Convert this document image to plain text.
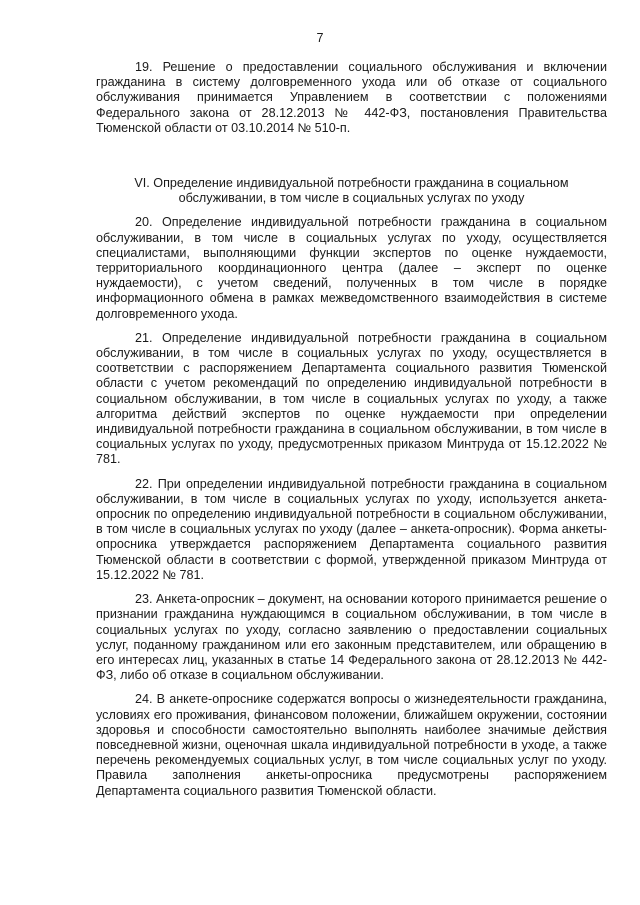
7

19. Решение о предоставлении социального обслуживания и включении гражданина в систему долговременного ухода или об отказе от социального обслуживания принимается Управлением в соответствии с положениями Федерального закона от 28.12.2013 № 442-ФЗ, постановления Правительства Тюменской области от 03.10.2014 № 510-п.

VI. Определение индивидуальной потребности гражданина в социальном
обслуживании, в том числе в социальных услугах по уходу

20. Определение индивидуальной потребности гражданина в социальном обслуживании, в том числе в социальных услугах по уходу, осуществляется специалистами, выполняющими функции экспертов по оценке нуждаемости, территориального координационного центра (далее – эксперт по оценке нуждаемости), с учетом сведений, полученных в том числе в порядке информационного обмена в рамках межведомственного взаимодействия в системе долговременного ухода.

21. Определение индивидуальной потребности гражданина в социальном обслуживании, в том числе в социальных услугах по уходу, осуществляется в соответствии с распоряжением Департамента социального развития Тюменской области с учетом рекомендаций по определению индивидуальной потребности в социальном обслуживании, в том числе в социальных услугах по уходу, а также алгоритма действий экспертов по оценке нуждаемости при определении индивидуальной потребности гражданина в социальном обслуживании, в том числе в социальных услугах по уходу, предусмотренных приказом Минтруда от 15.12.2022 № 781.

22. При определении индивидуальной потребности гражданина в социальном обслуживании, в том числе в социальных услугах по уходу, используется анкета-опросник по определению индивидуальной потребности в социальном обслуживании, в том числе в социальных услугах по уходу (далее – анкета-опросник). Форма анкеты-опросника утверждается распоряжением Департамента социального развития Тюменской области в соответствии с формой, утвержденной приказом Минтруда от 15.12.2022 № 781.

23. Анкета-опросник – документ, на основании которого принимается решение о признании гражданина нуждающимся в социальном обслуживании, в том числе в социальных услугах по уходу, согласно заявлению о предоставлении социальных услуг, поданному гражданином или его законным представителем, или обращению в его интересах лиц, указанных в статье 14 Федерального закона от 28.12.2013 № 442-ФЗ, либо об отказе в социальном обслуживании.

24. В анкете-опроснике содержатся вопросы о жизнедеятельности гражданина, условиях его проживания, финансовом положении, ближайшем окружении, состоянии здоровья и способности самостоятельно выполнять наиболее значимые действия повседневной жизни, оценочная шкала индивидуальной потребности в уходе, а также перечень рекомендуемых социальных услуг, в том числе социальных услуг по уходу. Правила заполнения анкеты-опросника предусмотрены распоряжением Департамента социального развития Тюменской области.
